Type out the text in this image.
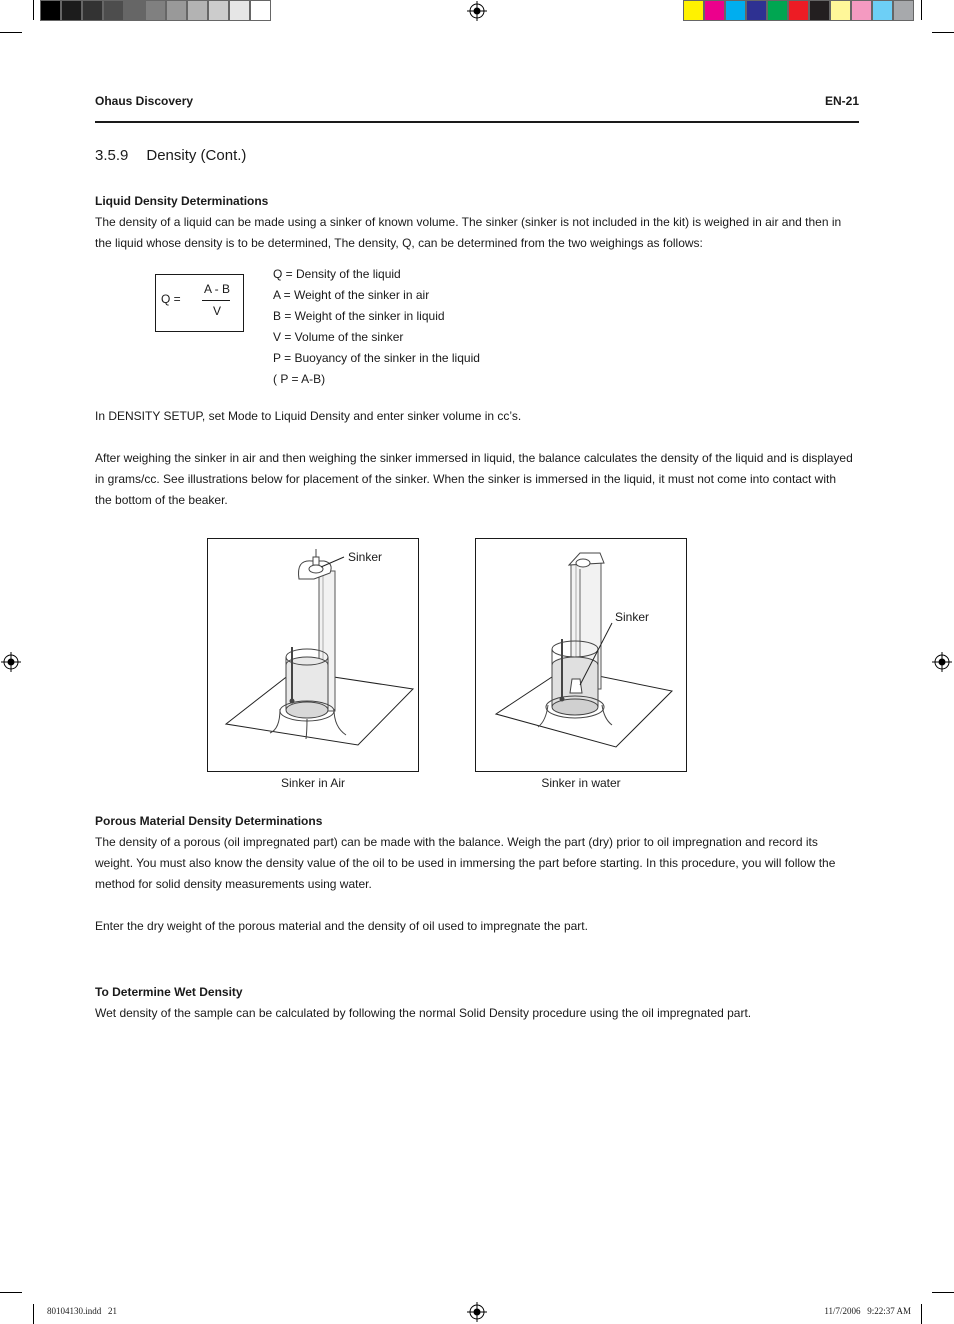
Ohaus Discovery	EN-21
3.5.9 Density (Cont.)
Liquid Density Determinations
The density of a liquid can be made using a sinker of known volume. The sinker (sinker is not included in the kit) is weighed in air and then in
the liquid whose density is to be determined, The density, Q, can be determined from the two weighings as follows:
Q =
A - B
V
Q = Density of the liquid
A = Weight of the sinker in air
B = Weight of the sinker in liquid
V = Volume of the sinker
P = Buoyancy of the sinker in the liquid
( P = A-B)
In DENSITY SETUP, set Mode to Liquid Density and enter sinker volume in cc’s.
After weighing the sinker in air and then weighing the sinker immersed in liquid, the balance calculates the density of the liquid and is displayed
in grams/cc. See illustrations below for placement of the sinker. When the sinker is immersed in the liquid, it must not come into contact with
the bottom of the beaker.
Sinker
Sinker in Air
Sinker
Sinker in water
Porous Material Density Determinations
The density of a porous (oil impregnated part) can be made with the balance. Weigh the part (dry) prior to oil impregnation and record its
weight. You must also know the density value of the oil to be used in immersing the part before starting. In this procedure, you will follow the
method for solid density measurements using water.
Enter the dry weight of the porous material and the density of oil used to impregnate the part.
To Determine Wet Density
Wet density of the sample can be calculated by following the normal Solid Density procedure using the oil impregnated part.
80104130.indd   21	11/7/2006   9:22:37 AM
